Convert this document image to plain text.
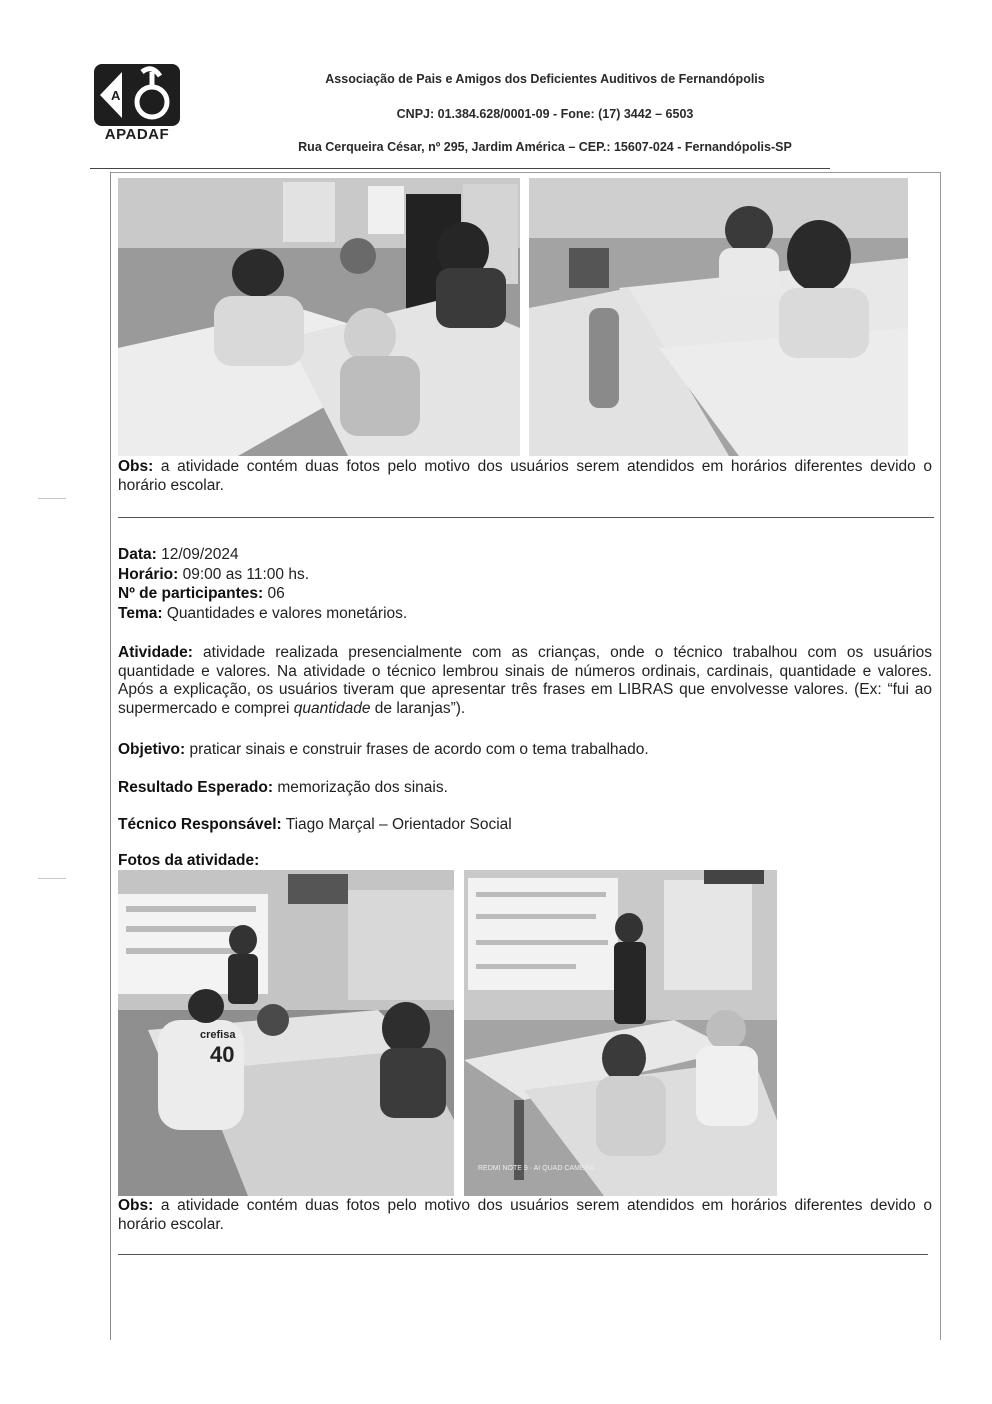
A
APADAF
Associação de Pais e Amigos dos Deficientes Auditivos de Fernandópolis
CNPJ: 01.384.628/0001-09 - Fone: (17) 3442 – 6503
Rua Cerqueira César, nº 295, Jardim América – CEP.: 15607-024 - Fernandópolis-SP
Obs: a atividade contém duas fotos pelo motivo dos usuários serem atendidos em horários diferentes devido o horário escolar.
Data: 12/09/2024
Horário: 09:00 as 11:00 hs.
Nº de participantes: 06
Tema: Quantidades e valores monetários.
Atividade: atividade realizada presencialmente com as crianças, onde o técnico trabalhou com os usuários quantidade e valores. Na atividade o técnico lembrou sinais de números ordinais, cardinais, quantidade e valores. Após a explicação, os usuários tiveram que apresentar três frases em LIBRAS que envolvesse valores. (Ex: “fui ao supermercado e comprei quantidade de laranjas”).
Objetivo: praticar sinais e construir frases de acordo com o tema trabalhado.
Resultado Esperado: memorização dos sinais.
Técnico Responsável: Tiago Marçal – Orientador Social
Fotos da atividade:
crefisa
40
REDMI NOTE 9 · AI QUAD CAMERA
Obs: a atividade contém duas fotos pelo motivo dos usuários serem atendidos em horários diferentes devido o horário escolar.
